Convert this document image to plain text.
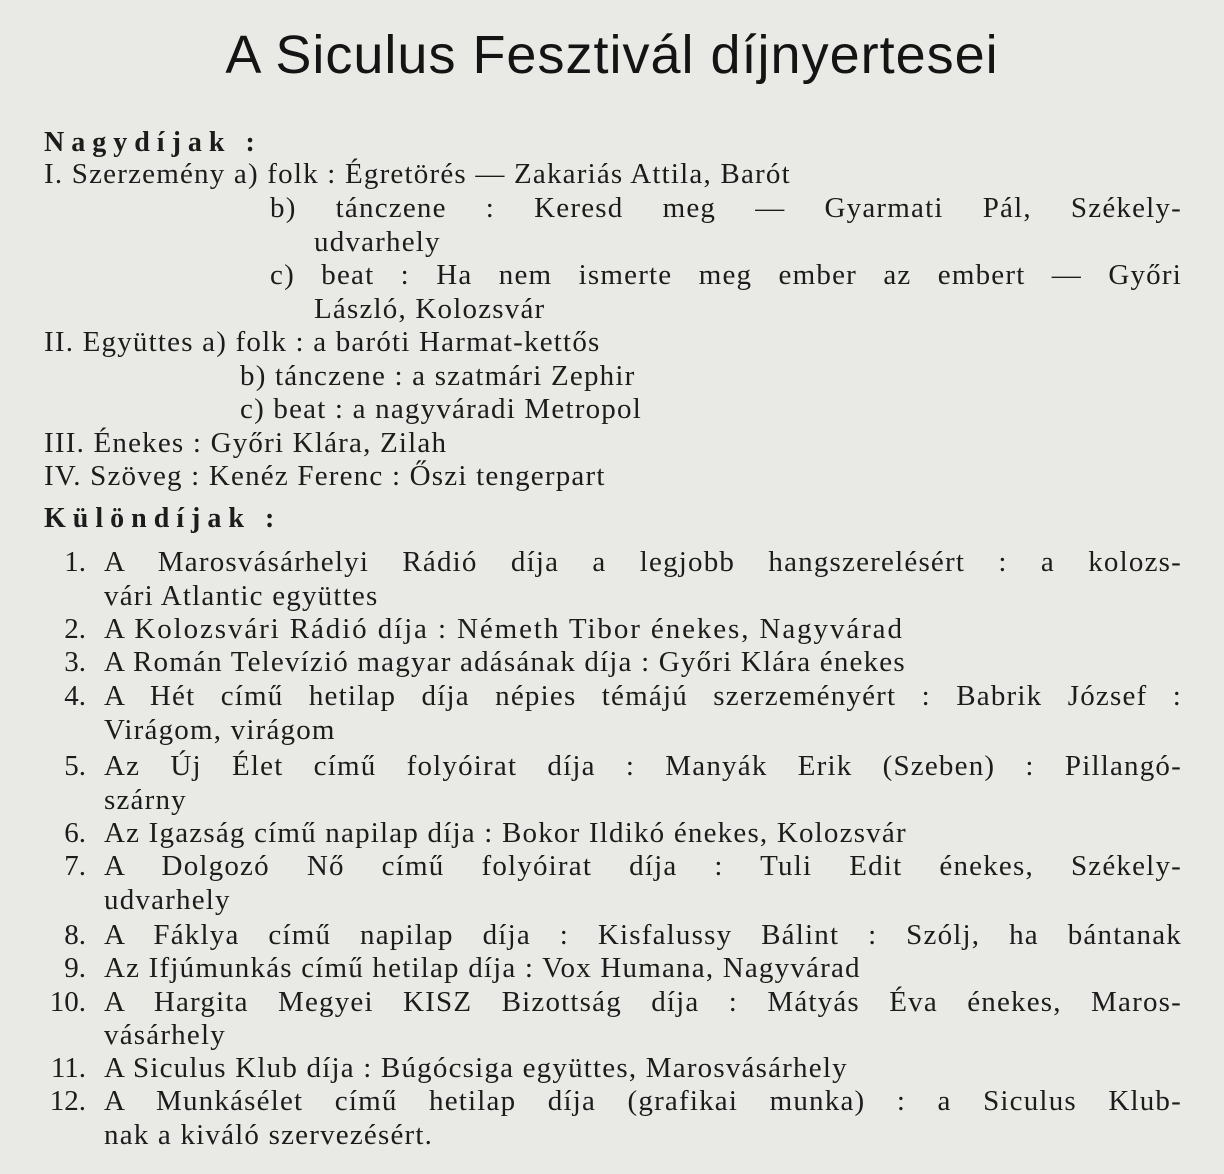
A Siculus Fesztivál díjnyertesei
Nagydíjak :
I. Szerzemény a) folk : Égretörés — Zakariás Attila, Barót
b) tánczene : Keresd meg — Gyarmati Pál, Székely-
udvarhely
c) beat : Ha nem ismerte meg ember az embert — Győri
László, Kolozsvár
II. Együttes a) folk : a baróti Harmat-kettős
b) tánczene : a szatmári Zephir
c) beat : a nagyváradi Metropol
III. Énekes : Győri Klára, Zilah
IV. Szöveg : Kenéz Ferenc : Őszi tengerpart
Különdíjak :
1. A Marosvásárhelyi Rádió díja a legjobb hangszerelésért : a kolozs-
vári Atlantic együttes
2. A Kolozsvári Rádió díja : Németh Tibor énekes, Nagyvárad
3. A Román Televízió magyar adásának díja : Győri Klára énekes
4. A Hét című hetilap díja népies témájú szerzeményért : Babrik József :
Virágom, virágom
5. Az Új Élet című folyóirat díja : Manyák Erik (Szeben) : Pillangó-
szárny
6. Az Igazság című napilap díja : Bokor Ildikó énekes, Kolozsvár
7. A Dolgozó Nő című folyóirat díja : Tuli Edit énekes, Székely-
udvarhely
8. A Fáklya című napilap díja : Kisfalussy Bálint : Szólj, ha bántanak
9. Az Ifjúmunkás című hetilap díja : Vox Humana, Nagyvárad
10. A Hargita Megyei KISZ Bizottság díja : Mátyás Éva énekes, Maros-
vásárhely
11. A Siculus Klub díja : Búgócsiga együttes, Marosvásárhely
12. A Munkásélet című hetilap díja (grafikai munka) : a Siculus Klub-
nak a kiváló szervezésért.
